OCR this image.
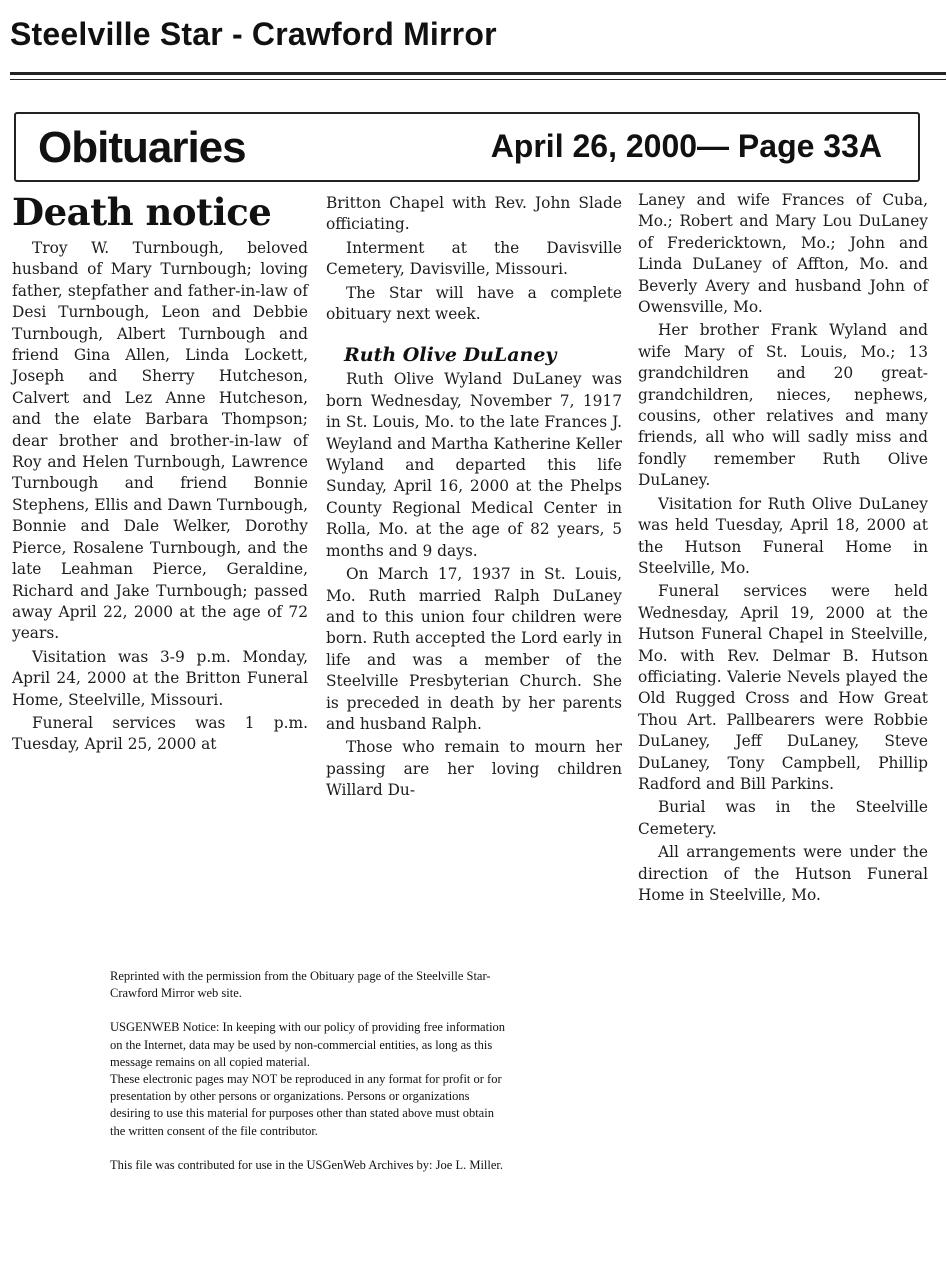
Steelville Star - Crawford Mirror
Obituaries	April 26, 2000— Page 33A
Death notice

Troy W. Turnbough, beloved husband of Mary Turnbough; loving father, stepfather and father-in-law of Desi Turnbough, Leon and Debbie Turnbough, Albert Turnbough and friend Gina Allen, Linda Lockett, Joseph and Sherry Hutcheson, Calvert and Lez Anne Hutcheson, and the elate Barbara Thompson; dear brother and brother-in-law of Roy and Helen Turnbough, Lawrence Turnbough and friend Bonnie Stephens, Ellis and Dawn Turnbough, Bonnie and Dale Welker, Dorothy Pierce, Rosalene Turnbough, and the late Leahman Pierce, Geraldine, Richard and Jake Turnbough; passed away April 22, 2000 at the age of 72 years.

Visitation was 3-9 p.m. Monday, April 24, 2000 at the Britton Funeral Home, Steelville, Missouri.

Funeral services was 1 p.m. Tuesday, April 25, 2000 at

Britton Chapel with Rev. John Slade officiating.

Interment at the Davisville Cemetery, Davisville, Missouri.

The Star will have a complete obituary next week.

Ruth Olive DuLaney

Ruth Olive Wyland DuLaney was born Wednesday, November 7, 1917 in St. Louis, Mo. to the late Frances J. Weyland and Martha Katherine Keller Wyland and departed this life Sunday, April 16, 2000 at the Phelps County Regional Medical Center in Rolla, Mo. at the age of 82 years, 5 months and 9 days.

On March 17, 1937 in St. Louis, Mo. Ruth married Ralph DuLaney and to this union four children were born. Ruth accepted the Lord early in life and was a member of the Steelville Presbyterian Church. She is preceded in death by her parents and husband Ralph.

Those who remain to mourn her passing are her loving children Willard Du-

Laney and wife Frances of Cuba, Mo.; Robert and Mary Lou DuLaney of Fredericktown, Mo.; John and Linda DuLaney of Affton, Mo. and Beverly Avery and husband John of Owensville, Mo.

Her brother Frank Wyland and wife Mary of St. Louis, Mo.; 13 grandchildren and 20 great-grandchildren, nieces, nephews, cousins, other relatives and many friends, all who will sadly miss and fondly remember Ruth Olive DuLaney.

Visitation for Ruth Olive DuLaney was held Tuesday, April 18, 2000 at the Hutson Funeral Home in Steelville, Mo.

Funeral services were held Wednesday, April 19, 2000 at the Hutson Funeral Chapel in Steelville, Mo. with Rev. Delmar B. Hutson officiating. Valerie Nevels played the Old Rugged Cross and How Great Thou Art. Pallbearers were Robbie DuLaney, Jeff DuLaney, Steve DuLaney, Tony Campbell, Phillip Radford and Bill Parkins.

Burial was in the Steelville Cemetery.

All arrangements were under the direction of the Hutson Funeral Home in Steelville, Mo.

Reprinted with the permission from the Obituary page of the Steelville Star-Crawford Mirror web site.

USGENWEB Notice: In keeping with our policy of providing free information on the Internet, data may be used by non-commercial entities, as long as this message remains on all copied material.

These electronic pages may NOT be reproduced in any format for profit or for presentation by other persons or organizations. Persons or organizations desiring to use this material for purposes other than stated above must obtain the written consent of the file contributor.

This file was contributed for use in the USGenWeb Archives by: Joe L. Miller.
